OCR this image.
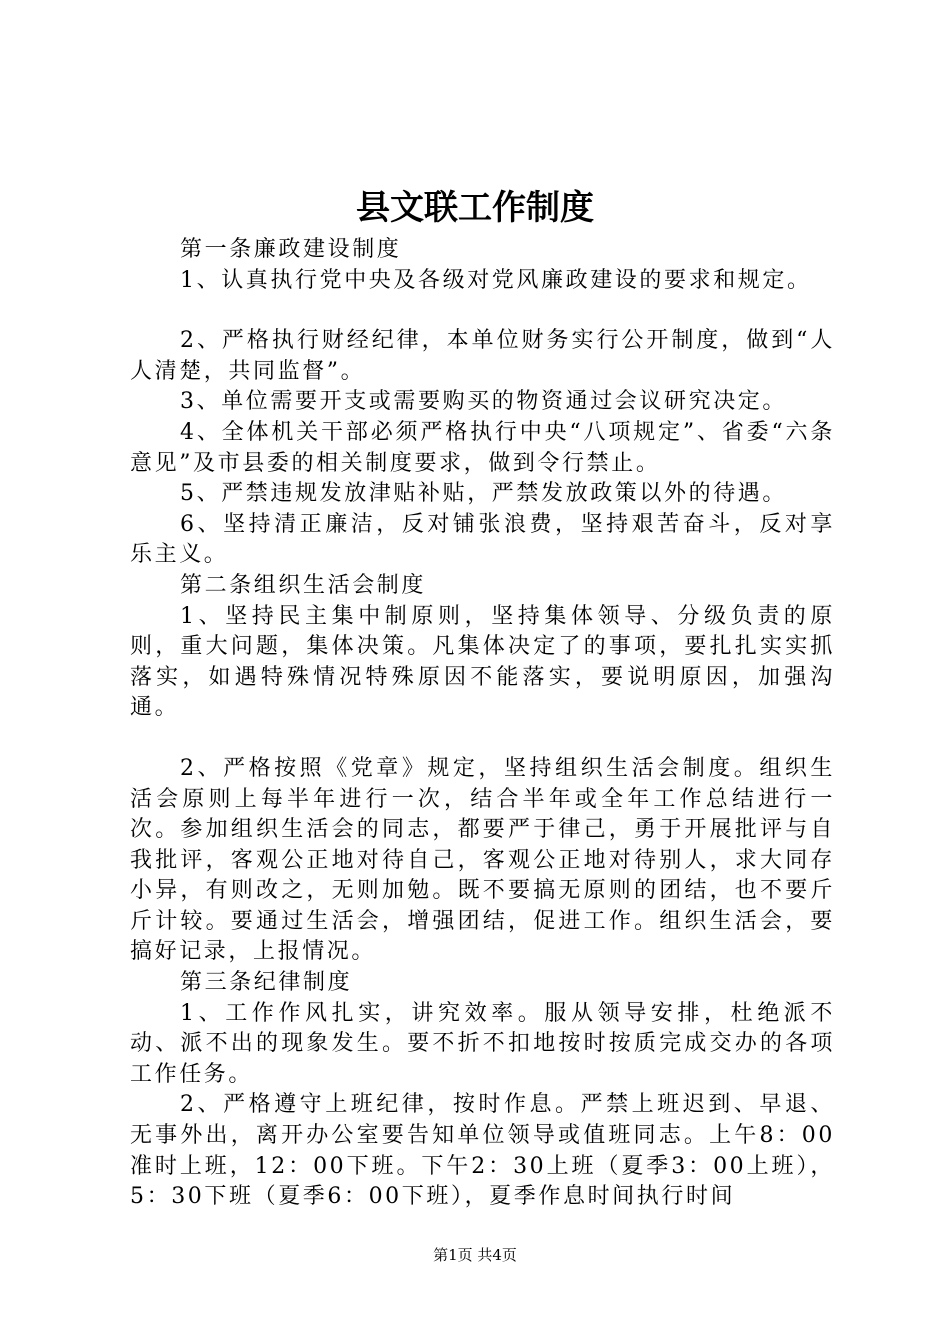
县文联工作制度

第一条廉政建设制度

1、认真执行党中央及各级对党风廉政建设的要求和规定。

2、严格执行财经纪律，本单位财务实行公开制度，做到“人人清楚，共同监督”。

3、单位需要开支或需要购买的物资通过会议研究决定。

4、全体机关干部必须严格执行中央“八项规定”、省委“六条意见”及市县委的相关制度要求，做到令行禁止。

5、严禁违规发放津贴补贴，严禁发放政策以外的待遇。

6、坚持清正廉洁，反对铺张浪费，坚持艰苦奋斗，反对享乐主义。

第二条组织生活会制度

1、坚持民主集中制原则，坚持集体领导、分级负责的原则，重大问题，集体决策。凡集体决定了的事项，要扎扎实实抓落实，如遇特殊情况特殊原因不能落实，要说明原因，加强沟通。

2、严格按照《党章》规定，坚持组织生活会制度。组织生活会原则上每半年进行一次，结合半年或全年工作总结进行一次。参加组织生活会的同志，都要严于律己，勇于开展批评与自我批评，客观公正地对待自己，客观公正地对待别人，求大同存小异，有则改之，无则加勉。既不要搞无原则的团结，也不要斤斤计较。要通过生活会，增强团结，促进工作。组织生活会，要搞好记录，上报情况。

第三条纪律制度

1、工作作风扎实，讲究效率。服从领导安排，杜绝派不动、派不出的现象发生。要不折不扣地按时按质完成交办的各项工作任务。

2、严格遵守上班纪律，按时作息。严禁上班迟到、早退、无事外出，离开办公室要告知单位领导或值班同志。上午8：00准时上班，12：00下班。下午2：30上班（夏季3：00上班），5：30下班（夏季6：00下班），夏季作息时间执行时间

第1页 共4页
